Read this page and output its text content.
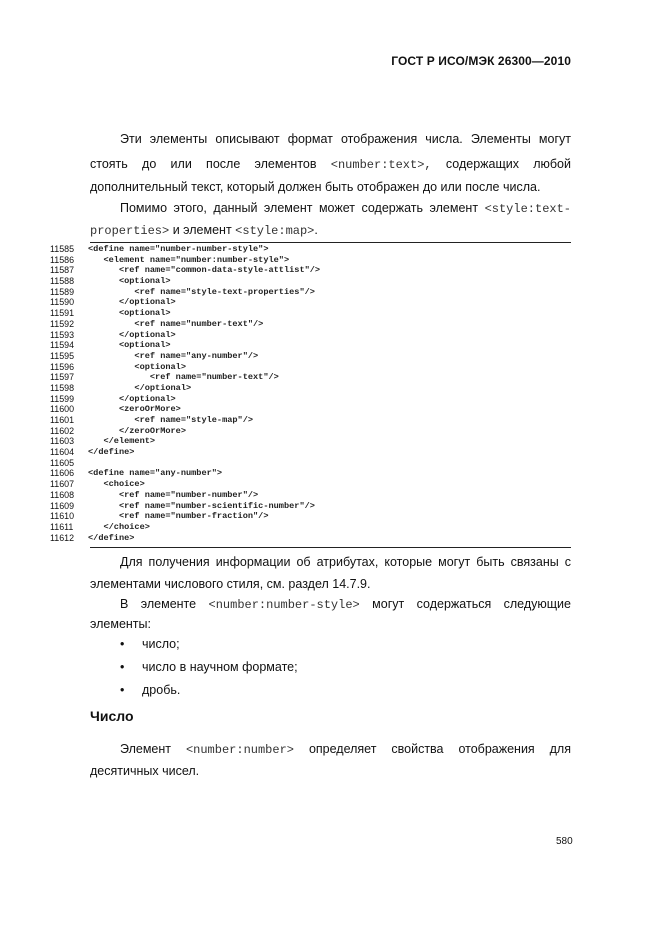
ГОСТ Р ИСО/МЭК 26300—2010

Эти элементы описывают формат отображения числа. Элементы могут

стоять до или после элементов <number:text>, содержащих любой

дополнительный текст, который должен быть отображен до или после числа.

Помимо этого, данный элемент может содержать элемент <style:text-

properties> и элемент <style:map>.

11585	<define name="number-number-style">
11586	<element name="number:number-style">
11587	<ref name="common-data-style-attlist"/>
11588	<optional>
11589	<ref name="style-text-properties"/>
11590	</optional>
11591	<optional>
11592	<ref name="number-text"/>
11593	</optional>
11594	<optional>
11595	<ref name="any-number"/>
11596	<optional>
11597	<ref name="number-text"/>
11598	</optional>
11599	</optional>
11600	<zeroOrMore>
11601	<ref name="style-map"/>
11602	</zeroOrMore>
11603	</element>
11604	</define>
11605
11606	<define name="any-number">
11607	<choice>
11608	<ref name="number-number"/>
11609	<ref name="number-scientific-number"/>
11610	<ref name="number-fraction"/>
11611	</choice>
11612	</define>

Для получения информации об атрибутах, которые могут быть связаны с

элементами числового стиля, см. раздел 14.7.9.

В элементе <number:number-style> могут содержаться следующие

элементы:

•	число;
•	число в научном формате;
•	дробь.
Число

Элемент <number:number> определяет свойства отображения для

десятичных чисел.

580
